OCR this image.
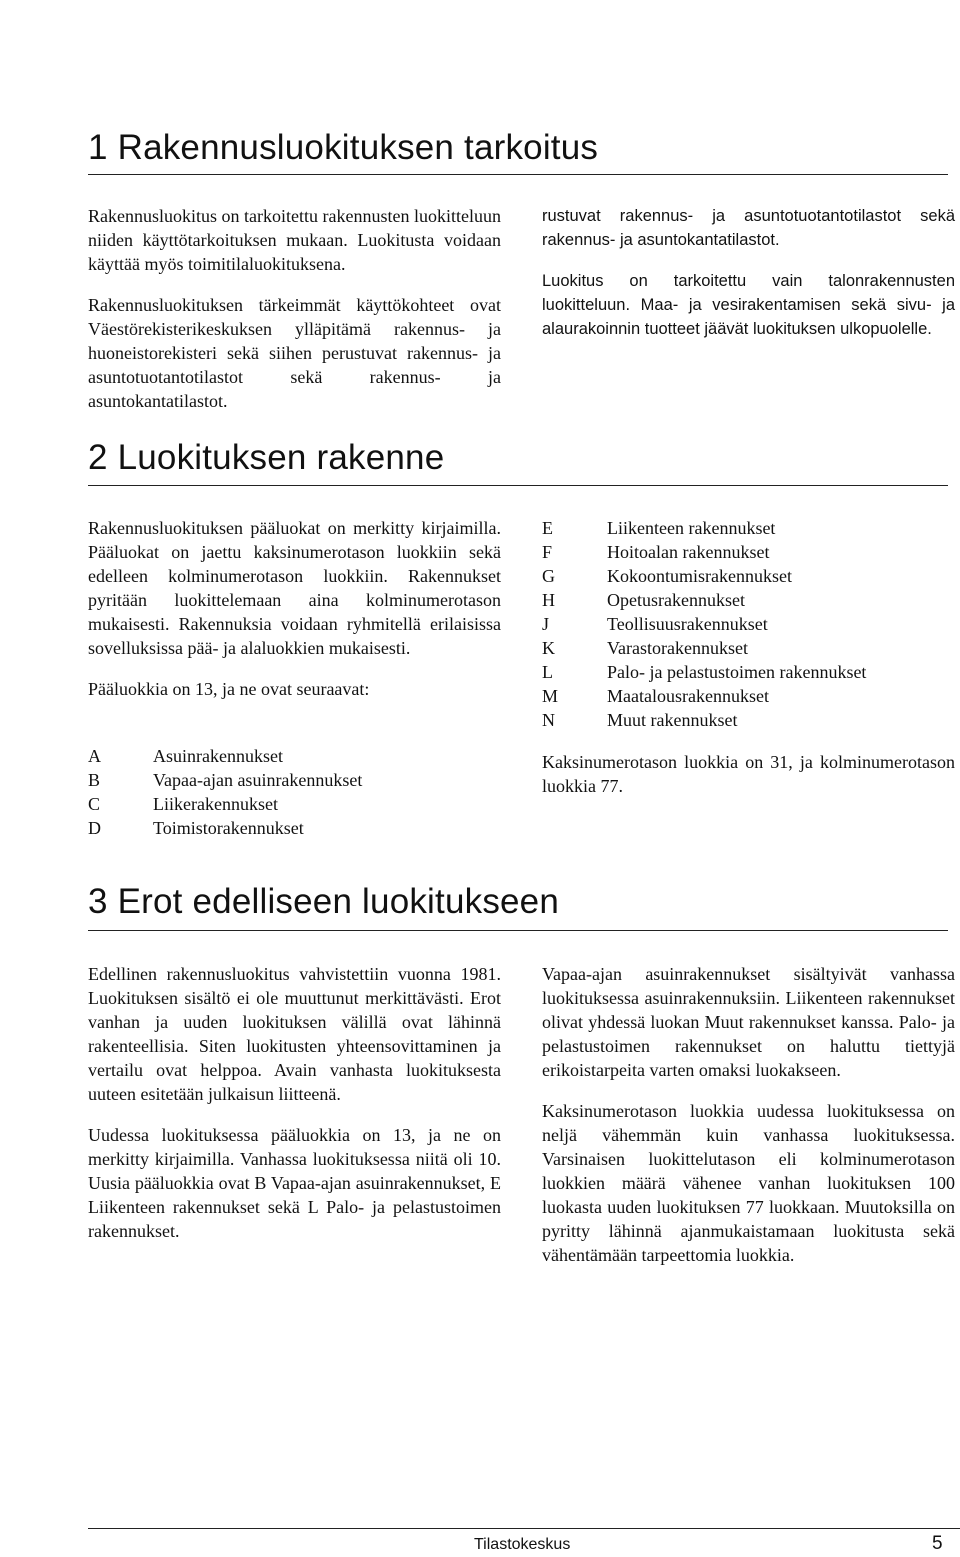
1 Rakennusluokituksen tarkoitus

Rakennusluokitus on tarkoitettu rakennusten luokitteluun niiden käyttötarkoituksen mukaan. Luokitusta voidaan käyttää myös toimitilaluokituksena.

Rakennusluokituksen tärkeimmät käyttökohteet ovat Väestörekisterikeskuksen ylläpitämä rakennus- ja huoneistorekisteri sekä siihen perustuvat rakennus- ja asuntotuotantotilastot sekä rakennus- ja asuntokantatilastot.

rustuvat rakennus- ja asuntotuotantotilastot sekä rakennus- ja asuntokantatilastot.

Luokitus on tarkoitettu vain talonrakennusten luokitteluun. Maa- ja vesirakentamisen sekä sivu- ja alaurakoinnin tuotteet jäävät luokituksen ulkopuolelle.

2 Luokituksen rakenne

Rakennusluokituksen pääluokat on merkitty kirjaimilla. Pääluokat on jaettu kaksinumerotason luokkiin sekä edelleen kolminumerotason luokkiin. Rakennukset pyritään luokittelemaan aina kolminumerotason mukaisesti. Rakennuksia voidaan ryhmitellä erilaisissa sovelluksissa pää- ja alaluokkien mukaisesti.

Pääluokkia on 13, ja ne ovat seuraavat:

A	Asuinrakennukset
B	Vapaa-ajan asuinrakennukset
C	Liikerakennukset
D	Toimistorakennukset
E	Liikenteen rakennukset
F	Hoitoalan rakennukset
G	Kokoontumisrakennukset
H	Opetusrakennukset
J	Teollisuusrakennukset
K	Varastorakennukset
L	Palo- ja pelastustoimen rakennukset
M	Maatalousrakennukset
N	Muut rakennukset

Kaksinumerotason luokkia on 31, ja kolminumerotason luokkia 77.

3 Erot edelliseen luokitukseen

Edellinen rakennusluokitus vahvistettiin vuonna 1981. Luokituksen sisältö ei ole muuttunut merkittävästi. Erot vanhan ja uuden luokituksen välillä ovat lähinnä rakenteellisia. Siten luokitusten yhteensovittaminen ja vertailu ovat helppoa. Avain vanhasta luokituksesta uuteen esitetään julkaisun liitteenä.

Uudessa luokituksessa pääluokkia on 13, ja ne on merkitty kirjaimilla. Vanhassa luokituksessa niitä oli 10. Uusia pääluokkia ovat B Vapaa-ajan asuinrakennukset, E Liikenteen rakennukset sekä L Palo- ja pelastustoimen rakennukset.

Vapaa-ajan asuinrakennukset sisältyivät vanhassa luokituksessa asuinrakennuksiin. Liikenteen rakennukset olivat yhdessä luokan Muut rakennukset kanssa. Palo- ja pelastustoimen rakennukset on haluttu tiettyjä erikoistarpeita varten omaksi luokakseen.

Kaksinumerotason luokkia uudessa luokituksessa on neljä vähemmän kuin vanhassa luokituksessa. Varsinaisen luokittelutason eli kolminumerotason luokkien määrä vähenee vanhan luokituksen 100 luokasta uuden luokituksen 77 luokkaan. Muutoksilla on pyritty lähinnä ajanmukaistamaan luokitusta sekä vähentämään tarpeettomia luokkia.

Tilastokeskus	5
